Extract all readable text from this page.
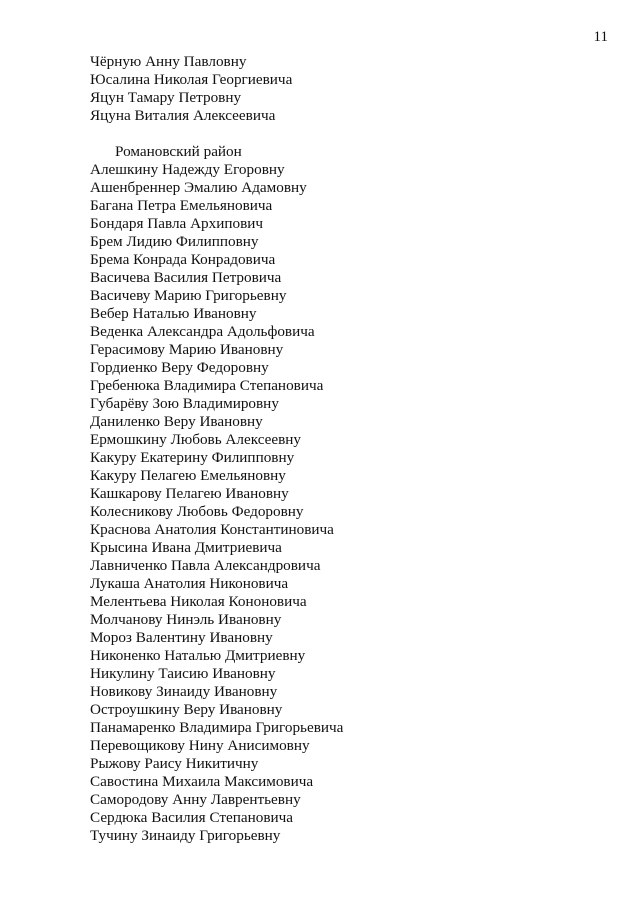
11
Чёрную Анну Павловну
Юсалина Николая Георгиевича
Яцун Тамару Петровну
Яцуна Виталия Алексеевича
Романовский район
Алешкину Надежду Егоровну
Ашенбреннер Эмалию Адамовну
Багана Петра Емельяновича
Бондаря Павла Архипович
Брем Лидию Филипповну
Брема Конрада Конрадовича
Васичева Василия Петровича
Васичеву Марию Григорьевну
Вебер Наталью Ивановну
Веденка Александра Адольфовича
Герасимову Марию Ивановну
Гордиенко Веру Федоровну
Гребенюка Владимира Степановича
Губарёву Зою Владимировну
Даниленко Веру Ивановну
Ермошкину Любовь Алексеевну
Какуру Екатерину Филипповну
Какуру Пелагею Емельяновну
Кашкарову Пелагею Ивановну
Колесникову Любовь Федоровну
Краснова Анатолия Константиновича
Крысина Ивана Дмитриевича
Лавниченко Павла Александровича
Лукаша Анатолия Никоновича
Мелентьева Николая Кононовича
Молчанову Нинэль Ивановну
Мороз Валентину Ивановну
Никоненко Наталью Дмитриевну
Никулину Таисию Ивановну
Новикову Зинаиду Ивановну
Остроушкину Веру Ивановну
Панамаренко Владимира Григорьевича
Перевощикову Нину Анисимовну
Рыжову Раису Никитичну
Савостина Михаила Максимовича
Самородову Анну Лаврентьевну
Сердюка Василия Степановича
Тучину Зинаиду Григорьевну
